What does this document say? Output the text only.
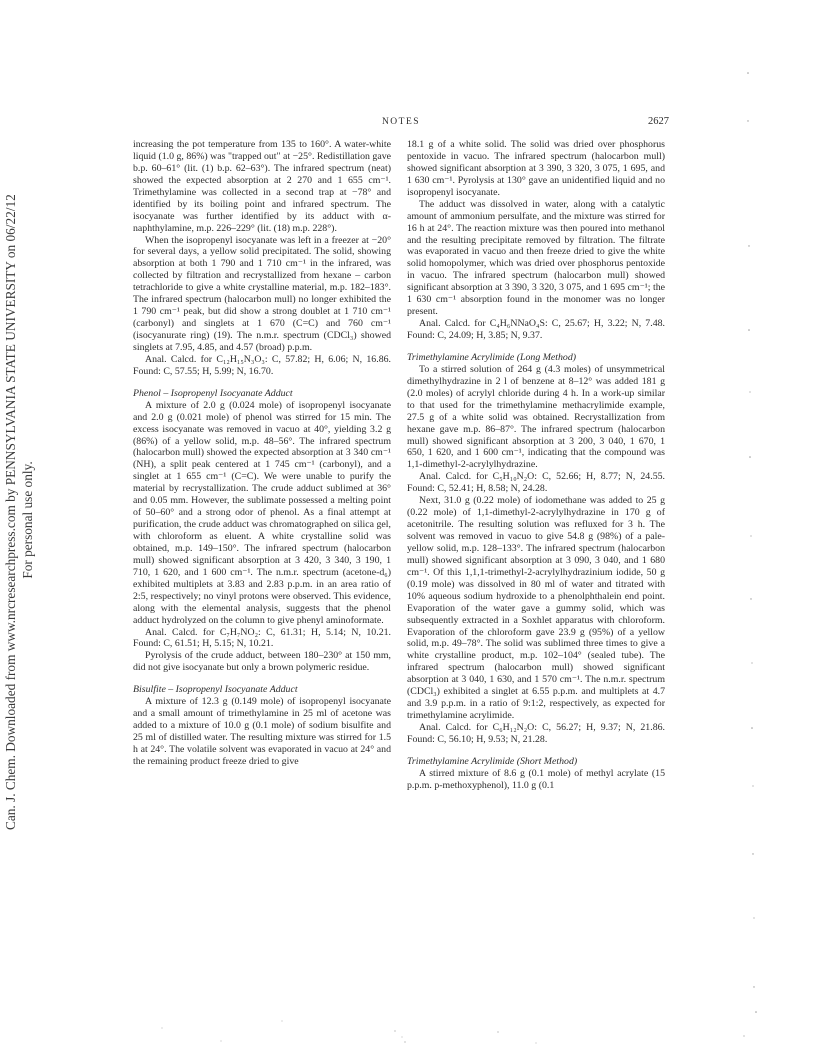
Can. J. Chem. Downloaded from www.nrcresearchpress.com by PENNSYLVANIA STATE UNIVERSITY on 06/22/12 For personal use only.
NOTES	2627

increasing the pot temperature from 135 to 160°. A water-white liquid (1.0 g, 86%) was "trapped out" at −25°. Redistillation gave b.p. 60–61° (lit. (1) b.p. 62–63°). The infrared spectrum (neat) showed the expected absorption at 2 270 and 1 655 cm⁻¹. Trimethylamine was collected in a second trap at −78° and identified by its boiling point and infrared spectrum. The isocyanate was further identified by its adduct with α-naphthylamine, m.p. 226–229° (lit. (18) m.p. 228°).

When the isopropenyl isocyanate was left in a freezer at −20° for several days, a yellow solid precipitated. The solid, showing absorption at both 1 790 and 1 710 cm⁻¹ in the infrared, was collected by filtration and recrystallized from hexane – carbon tetrachloride to give a white crystalline material, m.p. 182–183°. The infrared spectrum (halocarbon mull) no longer exhibited the 1 790 cm⁻¹ peak, but did show a strong doublet at 1 710 cm⁻¹ (carbonyl) and singlets at 1 670 (C=C) and 760 cm⁻¹ (isocyanurate ring) (19). The n.m.r. spectrum (CDCl₃) showed singlets at 7.95, 4.85, and 4.57 (broad) p.p.m.

Anal. Calcd. for C₁₂H₁₅N₃O₃: C, 57.82; H, 6.06; N, 16.86. Found: C, 57.55; H, 5.99; N, 16.70.

Phenol – Isopropenyl Isocyanate Adduct

A mixture of 2.0 g (0.024 mole) of isopropenyl isocyanate and 2.0 g (0.021 mole) of phenol was stirred for 15 min. The excess isocyanate was removed in vacuo at 40°, yielding 3.2 g (86%) of a yellow solid, m.p. 48–56°. The infrared spectrum (halocarbon mull) showed the expected absorption at 3 340 cm⁻¹ (NH), a split peak centered at 1 745 cm⁻¹ (carbonyl), and a singlet at 1 655 cm⁻¹ (C=C). We were unable to purify the material by recrystallization. The crude adduct sublimed at 36° and 0.05 mm. However, the sublimate possessed a melting point of 50–60° and a strong odor of phenol. As a final attempt at purification, the crude adduct was chromatographed on silica gel, with chloroform as eluent. A white crystalline solid was obtained, m.p. 149–150°. The infrared spectrum (halocarbon mull) showed significant absorption at 3 420, 3 340, 3 190, 1 710, 1 620, and 1 600 cm⁻¹. The n.m.r. spectrum (acetone-d₆) exhibited multiplets at 3.83 and 2.83 p.p.m. in an area ratio of 2:5, respectively; no vinyl protons were observed. This evidence, along with the elemental analysis, suggests that the phenol adduct hydrolyzed on the column to give phenyl aminoformate.

Anal. Calcd. for C₇H₇NO₂: C, 61.31; H, 5.14; N, 10.21. Found: C, 61.51; H, 5.15; N, 10.21.

Pyrolysis of the crude adduct, between 180–230° at 150 mm, did not give isocyanate but only a brown polymeric residue.

Bisulfite – Isopropenyl Isocyanate Adduct

A mixture of 12.3 g (0.149 mole) of isopropenyl isocyanate and a small amount of trimethylamine in 25 ml of acetone was added to a mixture of 10.0 g (0.1 mole) of sodium bisulfite and 25 ml of distilled water. The resulting mixture was stirred for 1.5 h at 24°. The volatile solvent was evaporated in vacuo at 24° and the remaining product freeze dried to give

18.1 g of a white solid. The solid was dried over phosphorus pentoxide in vacuo. The infrared spectrum (halocarbon mull) showed significant absorption at 3 390, 3 320, 3 075, 1 695, and 1 630 cm⁻¹. Pyrolysis at 130° gave an unidentified liquid and no isopropenyl isocyanate.

The adduct was dissolved in water, along with a catalytic amount of ammonium persulfate, and the mixture was stirred for 16 h at 24°. The reaction mixture was then poured into methanol and the resulting precipitate removed by filtration. The filtrate was evaporated in vacuo and then freeze dried to give the white solid homopolymer, which was dried over phosphorus pentoxide in vacuo. The infrared spectrum (halocarbon mull) showed significant absorption at 3 390, 3 320, 3 075, and 1 695 cm⁻¹; the 1 630 cm⁻¹ absorption found in the monomer was no longer present.

Anal. Calcd. for C₄H₆NNaO₄S: C, 25.67; H, 3.22; N, 7.48. Found: C, 24.09; H, 3.85; N, 9.37.

Trimethylamine Acrylimide (Long Method)

To a stirred solution of 264 g (4.3 moles) of unsymmetrical dimethylhydrazine in 2 l of benzene at 8–12° was added 181 g (2.0 moles) of acrylyl chloride during 4 h. In a work-up similar to that used for the trimethylamine methacrylimide example, 27.5 g of a white solid was obtained. Recrystallization from hexane gave m.p. 86–87°. The infrared spectrum (halocarbon mull) showed significant absorption at 3 200, 3 040, 1 670, 1 650, 1 620, and 1 600 cm⁻¹, indicating that the compound was 1,1-dimethyl-2-acrylylhydrazine.

Anal. Calcd. for C₅H₁₀N₂O: C, 52.66; H, 8.77; N, 24.55. Found: C, 52.41; H, 8.58; N, 24.28.

Next, 31.0 g (0.22 mole) of iodomethane was added to 25 g (0.22 mole) of 1,1-dimethyl-2-acrylylhydrazine in 170 g of acetonitrile. The resulting solution was refluxed for 3 h. The solvent was removed in vacuo to give 54.8 g (98%) of a pale-yellow solid, m.p. 128–133°. The infrared spectrum (halocarbon mull) showed significant absorption at 3 090, 3 040, and 1 680 cm⁻¹. Of this 1,1,1-trimethyl-2-acrylylhydrazinium iodide, 50 g (0.19 mole) was dissolved in 80 ml of water and titrated with 10% aqueous sodium hydroxide to a phenolphthalein end point. Evaporation of the water gave a gummy solid, which was subsequently extracted in a Soxhlet apparatus with chloroform. Evaporation of the chloroform gave 23.9 g (95%) of a yellow solid, m.p. 49–78°. The solid was sublimed three times to give a white crystalline product, m.p. 102–104° (sealed tube). The infrared spectrum (halocarbon mull) showed significant absorption at 3 040, 1 630, and 1 570 cm⁻¹. The n.m.r. spectrum (CDCl₃) exhibited a singlet at 6.55 p.p.m. and multiplets at 4.7 and 3.9 p.p.m. in a ratio of 9:1:2, respectively, as expected for trimethylamine acrylimide.

Anal. Calcd. for C₆H₁₂N₂O: C, 56.27; H, 9.37; N, 21.86. Found: C, 56.10; H, 9.53; N, 21.28.

Trimethylamine Acrylimide (Short Method)

A stirred mixture of 8.6 g (0.1 mole) of methyl acrylate (15 p.p.m. p-methoxyphenol), 11.0 g (0.1
